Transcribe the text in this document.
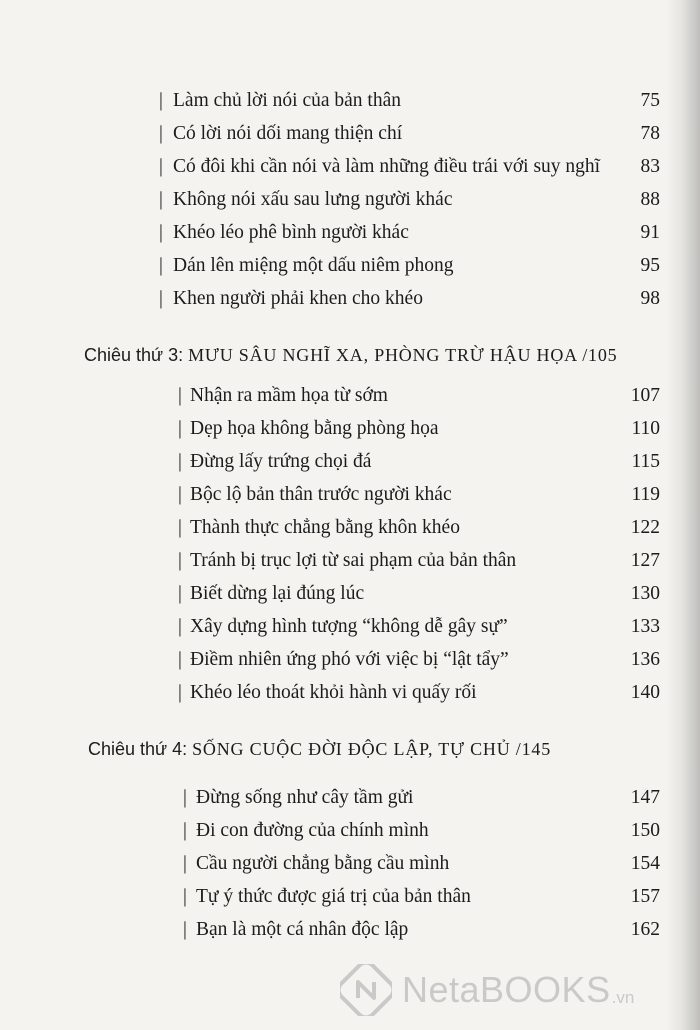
75
| Làm chủ lời nói của bản thân
78
| Có lời nói dối mang thiện chí
83
| Có đôi khi cần nói và làm những điều trái với suy nghĩ
88
| Không nói xấu sau lưng người khác
91
| Khéo léo phê bình người khác
95
| Dán lên miệng một dấu niêm phong
98
| Khen người phải khen cho khéo
Chiêu thứ 3: MƯU SÂU NGHĨ XA, PHÒNG TRỪ HẬU HỌA /105
107
| Nhận ra mầm họa từ sớm
110
| Dẹp họa không bằng phòng họa
115
| Đừng lấy trứng chọi đá
119
| Bộc lộ bản thân trước người khác
122
| Thành thực chẳng bằng khôn khéo
127
| Tránh bị trục lợi từ sai phạm của bản thân
130
| Biết dừng lại đúng lúc
133
| Xây dựng hình tượng “không dễ gây sự”
136
| Điềm nhiên ứng phó với việc bị “lật tẩy”
140
| Khéo léo thoát khỏi hành vi quấy rối
Chiêu thứ 4: SỐNG CUỘC ĐỜI ĐỘC LẬP, TỰ CHỦ /145
147
| Đừng sống như cây tầm gửi
150
| Đi con đường của chính mình
154
| Cầu người chẳng bằng cầu mình
157
| Tự ý thức được giá trị của bản thân
162
| Bạn là một cá nhân độc lập
NetaBOOKS .vn
